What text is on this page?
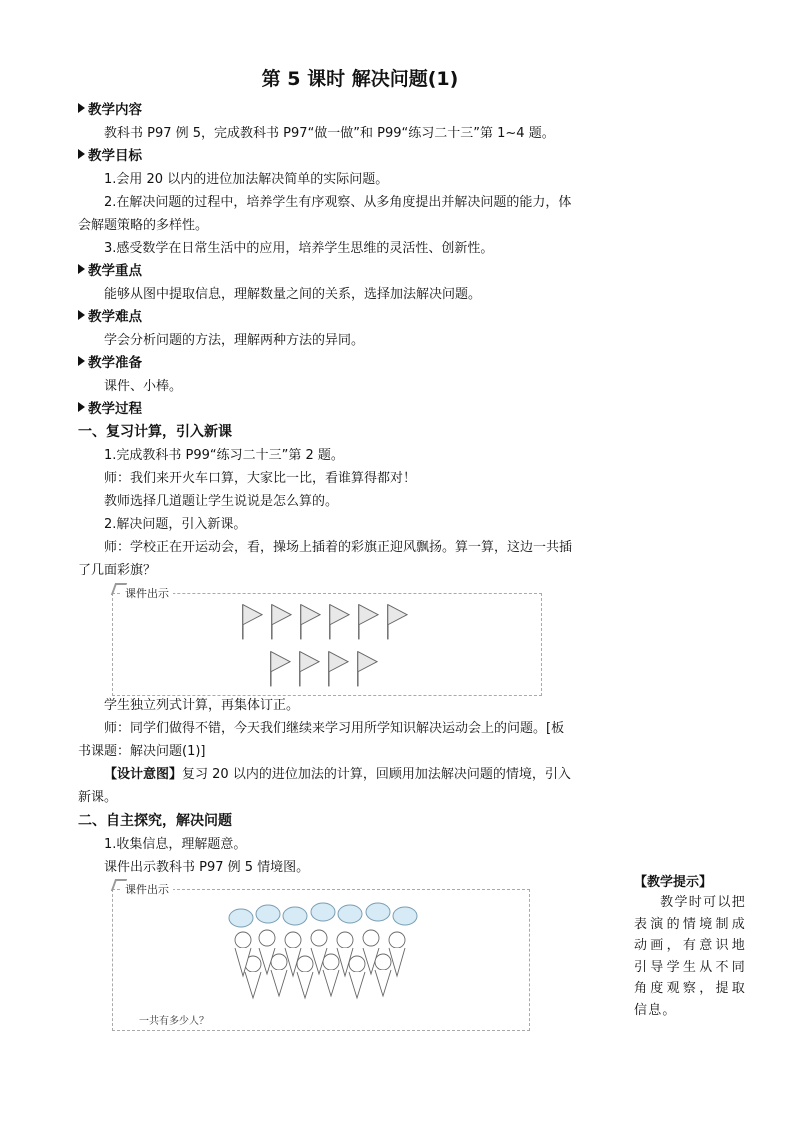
第 5 课时 解决问题(1)
教学内容
教科书 P97 例 5，完成教科书 P97“做一做”和 P99“练习二十三”第 1~4 题。
教学目标
1.会用 20 以内的进位加法解决简单的实际问题。
2.在解决问题的过程中，培养学生有序观察、从多角度提出并解决问题的能力，体
会解题策略的多样性。
3.感受数学在日常生活中的应用，培养学生思维的灵活性、创新性。
教学重点
能够从图中提取信息，理解数量之间的关系，选择加法解决问题。
教学难点
学会分析问题的方法，理解两种方法的异同。
教学准备
课件、小棒。
教学过程
一、复习计算，引入新课
1.完成教科书 P99“练习二十三”第 2 题。
师：我们来开火车口算，大家比一比，看谁算得都对！
教师选择几道题让学生说说是怎么算的。
2.解决问题，引入新课。
师：学校正在开运动会，看，操场上插着的彩旗正迎风飘扬。算一算，这边一共插
了几面彩旗？
课件出示
学生独立列式计算，再集体订正。
师：同学们做得不错，今天我们继续来学习用所学知识解决运动会上的问题。[板
书课题：解决问题(1)]
【设计意图】复习 20 以内的进位加法的计算，回顾用加法解决问题的情境，引入
新课。
二、自主探究，解决问题
1.收集信息，理解题意。
课件出示教科书 P97 例 5 情境图。
课件出示
一共有多少人？
【教学提示】
教学时可以把表演的情境制成动画，有意识地引导学生从不同角度观察，提取信息。
